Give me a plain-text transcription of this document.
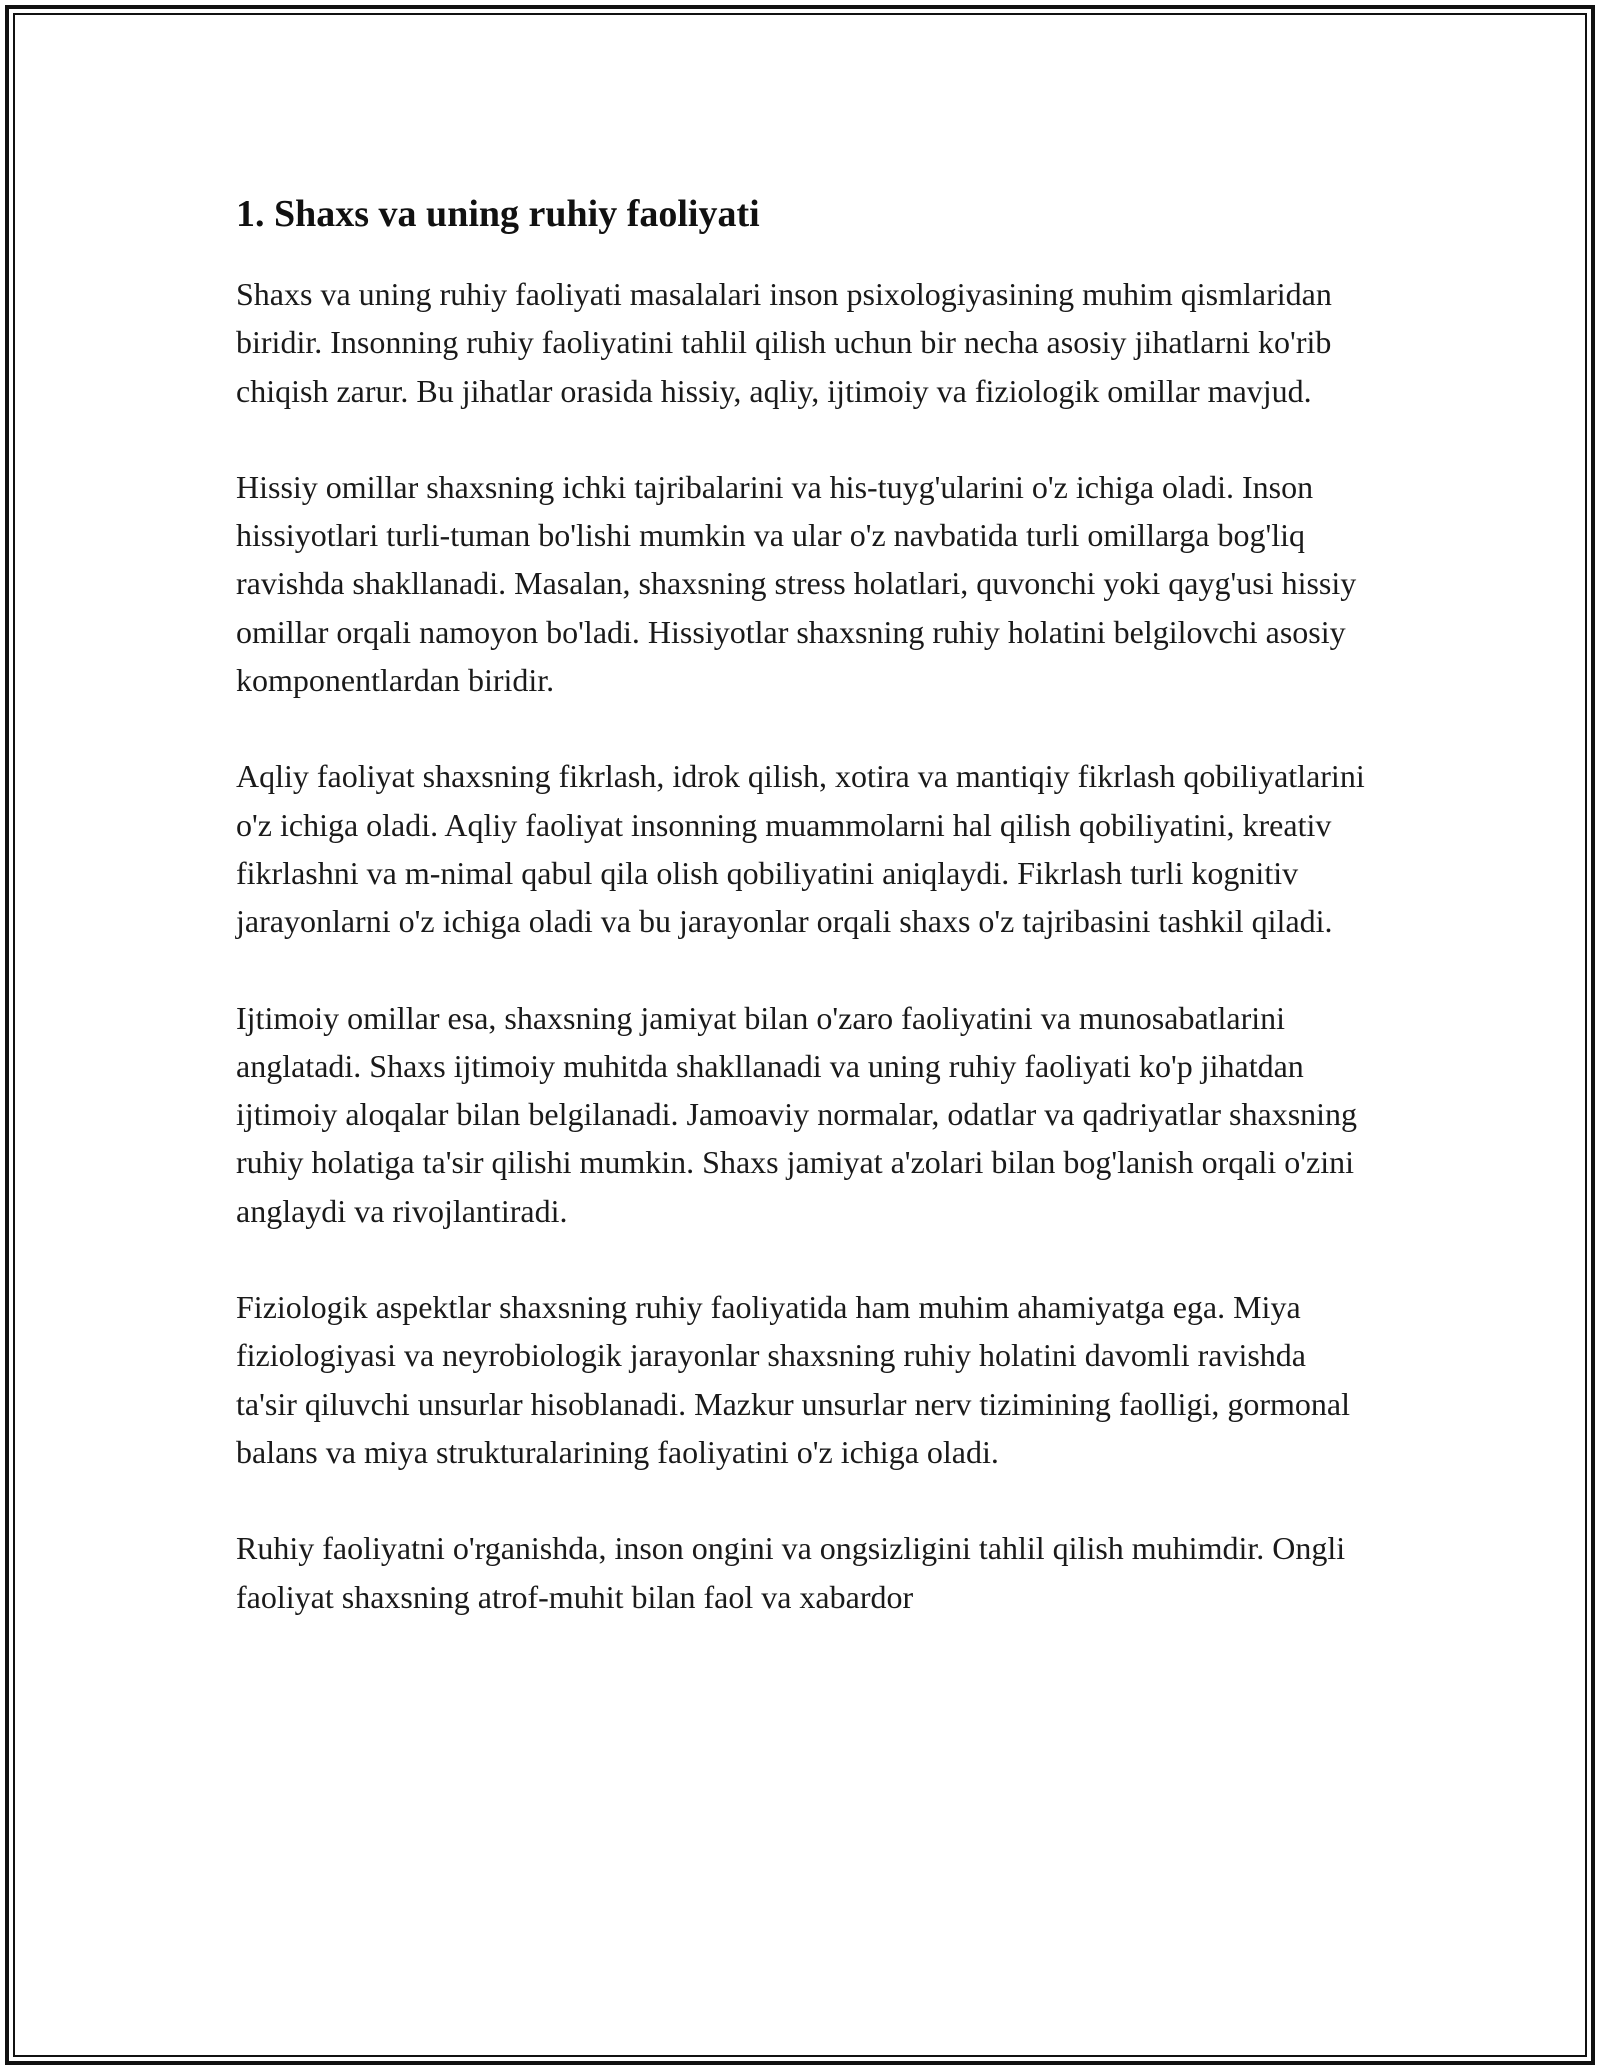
1. Shaxs va uning ruhiy faoliyati

Shaxs va uning ruhiy faoliyati masalalari inson psixologiyasining muhim qismlaridan biridir. Insonning ruhiy faoliyatini tahlil qilish uchun bir necha asosiy jihatlarni ko'rib chiqish zarur. Bu jihatlar orasida hissiy, aqliy, ijtimoiy va fiziologik omillar mavjud.

Hissiy omillar shaxsning ichki tajribalarini va his-tuyg'ularini o'z ichiga oladi. Inson hissiyotlari turli-tuman bo'lishi mumkin va ular o'z navbatida turli omillarga bog'liq ravishda shakllanadi. Masalan, shaxsning stress holatlari, quvonchi yoki qayg'usi hissiy omillar orqali namoyon bo'ladi. Hissiyotlar shaxsning ruhiy holatini belgilovchi asosiy komponentlardan biridir.

Aqliy faoliyat shaxsning fikrlash, idrok qilish, xotira va mantiqiy fikrlash qobiliyatlarini o'z ichiga oladi. Aqliy faoliyat insonning muammolarni hal qilish qobiliyatini, kreativ fikrlashni va m-nimal qabul qila olish qobiliyatini aniqlaydi. Fikrlash turli kognitiv jarayonlarni o'z ichiga oladi va bu jarayonlar orqali shaxs o'z tajribasini tashkil qiladi.

Ijtimoiy omillar esa, shaxsning jamiyat bilan o'zaro faoliyatini va munosabatlarini anglatadi. Shaxs ijtimoiy muhitda shakllanadi va uning ruhiy faoliyati ko'p jihatdan ijtimoiy aloqalar bilan belgilanadi. Jamoaviy normalar, odatlar va qadriyatlar shaxsning ruhiy holatiga ta'sir qilishi mumkin. Shaxs jamiyat a'zolari bilan bog'lanish orqali o'zini anglaydi va rivojlantiradi.

Fiziologik aspektlar shaxsning ruhiy faoliyatida ham muhim ahamiyatga ega. Miya fiziologiyasi va neyrobiologik jarayonlar shaxsning ruhiy holatini davomli ravishda ta'sir qiluvchi unsurlar hisoblanadi. Mazkur unsurlar nerv tizimining faolligi, gormonal balans va miya strukturalarining faoliyatini o'z ichiga oladi.

Ruhiy faoliyatni o'rganishda, inson ongini va ongsizligini tahlil qilish muhimdir. Ongli faoliyat shaxsning atrof-muhit bilan faol va xabardor
